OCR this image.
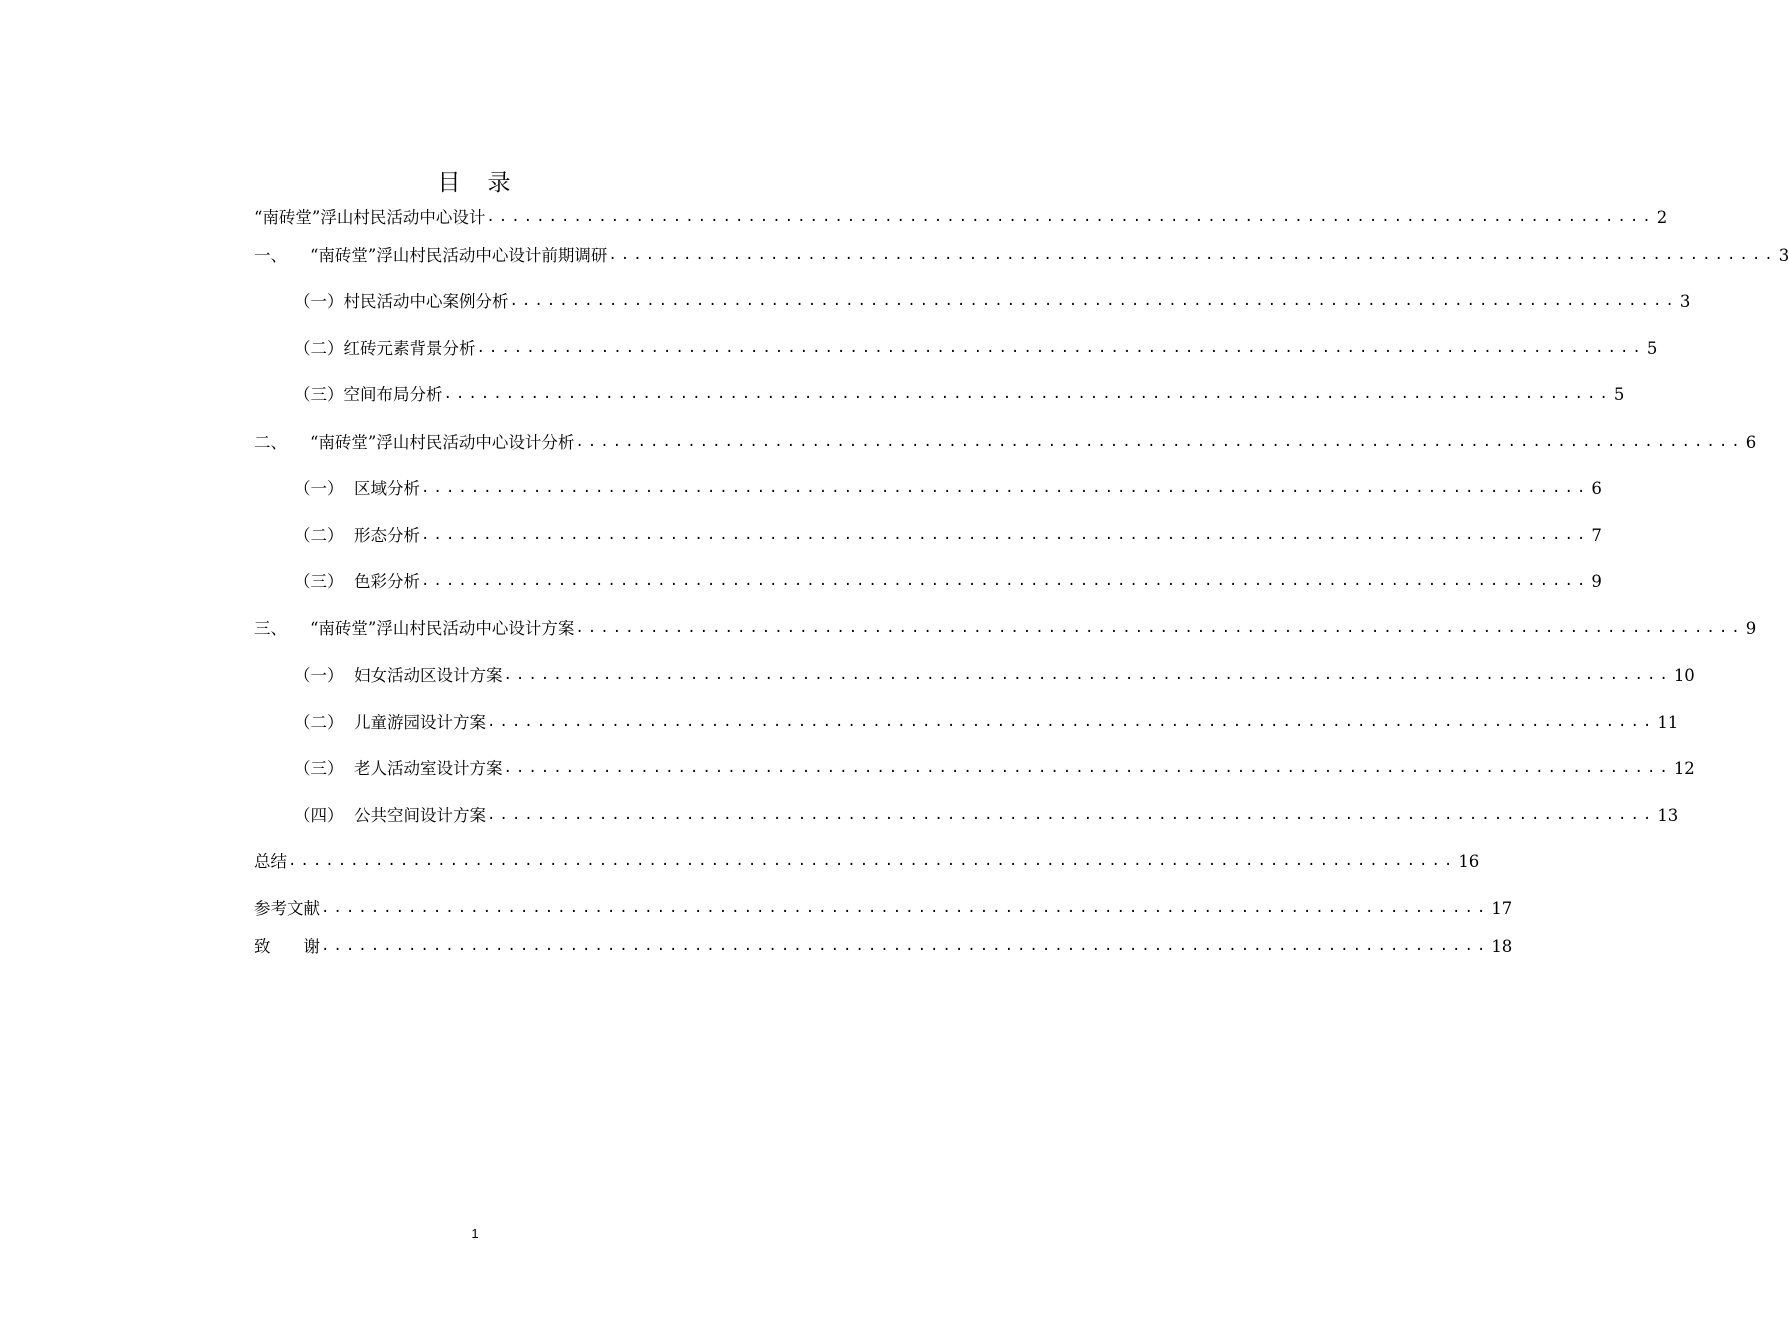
目　录
“南砖堂”浮山村民活动中心设计 .............................................................................................. 2
一、	“南砖堂”浮山村民活动中心设计前期调研 .............................................................................................. 3
（一） 村民活动中心案例分析 .............................................................................................. 3
（二） 红砖元素背景分析 .............................................................................................. 5
（三） 空间布局分析 .............................................................................................. 5
二、	“南砖堂”浮山村民活动中心设计分析 .............................................................................................. 6
（一） 区域分析 .............................................................................................. 6
（二） 形态分析 .............................................................................................. 7
（三） 色彩分析 .............................................................................................. 9
三、	“南砖堂”浮山村民活动中心设计方案 .............................................................................................. 9
（一） 妇女活动区设计方案 .............................................................................................. 10
（二） 儿童游园设计方案 .............................................................................................. 11
（三） 老人活动室设计方案 .............................................................................................. 12
（四） 公共空间设计方案 .............................................................................................. 13
总结 .............................................................................................. 16
参考文献 .............................................................................................. 17
致　　谢 .............................................................................................. 18
1
